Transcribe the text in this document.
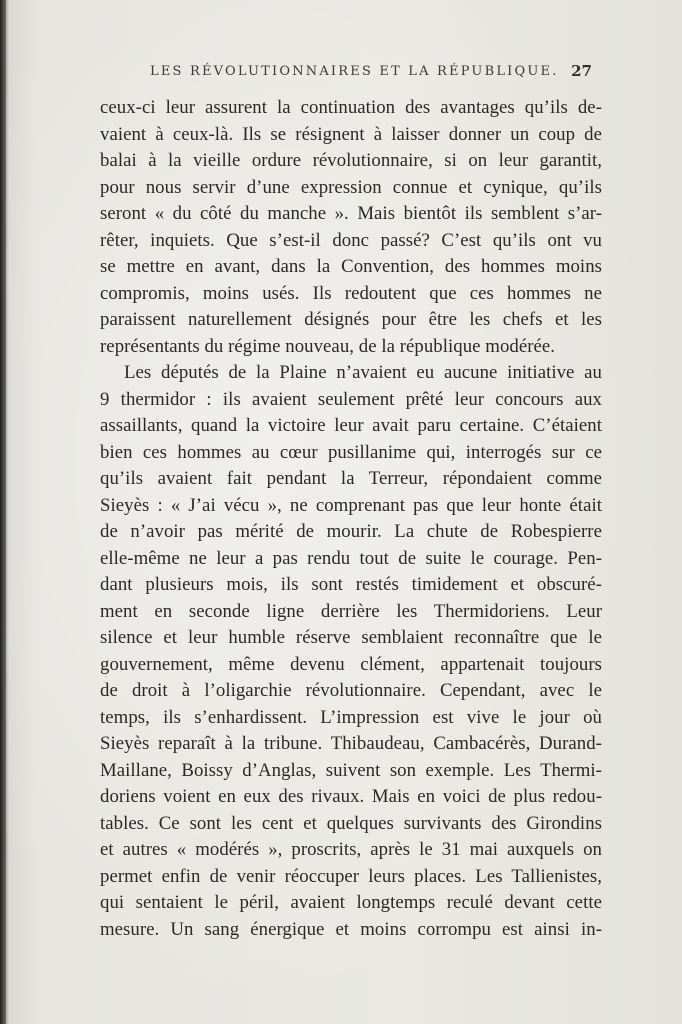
LES RÉVOLUTIONNAIRES ET LA RÉPUBLIQUE. 27
ceux-ci leur assurent la continuation des avantages qu’ils de-
vaient à ceux-là. Ils se résignent à laisser donner un coup de
balai à la vieille ordure révolutionnaire, si on leur garantit,
pour nous servir d’une expression connue et cynique, qu’ils
seront « du côté du manche ». Mais bientôt ils semblent s’ar-
rêter, inquiets. Que s’est-il donc passé? C’est qu’ils ont vu
se mettre en avant, dans la Convention, des hommes moins
compromis, moins usés. Ils redoutent que ces hommes ne
paraissent naturellement désignés pour être les chefs et les
représentants du régime nouveau, de la république modérée.
Les députés de la Plaine n’avaient eu aucune initiative au
9 thermidor : ils avaient seulement prêté leur concours aux
assaillants, quand la victoire leur avait paru certaine. C’étaient
bien ces hommes au cœur pusillanime qui, interrogés sur ce
qu’ils avaient fait pendant la Terreur, répondaient comme
Sieyès : « J’ai vécu », ne comprenant pas que leur honte était
de n’avoir pas mérité de mourir. La chute de Robespierre
elle-même ne leur a pas rendu tout de suite le courage. Pen-
dant plusieurs mois, ils sont restés timidement et obscuré-
ment en seconde ligne derrière les Thermidoriens. Leur
silence et leur humble réserve semblaient reconnaître que le
gouvernement, même devenu clément, appartenait toujours
de droit à l’oligarchie révolutionnaire. Cependant, avec le
temps, ils s’enhardissent. L’impression est vive le jour où
Sieyès reparaît à la tribune. Thibaudeau, Cambacérès, Durand-
Maillane, Boissy d’Anglas, suivent son exemple. Les Thermi-
doriens voient en eux des rivaux. Mais en voici de plus redou-
tables. Ce sont les cent et quelques survivants des Girondins
et autres « modérés », proscrits, après le 31 mai auxquels on
permet enfin de venir réoccuper leurs places. Les Tallienistes,
qui sentaient le péril, avaient longtemps reculé devant cette
mesure. Un sang énergique et moins corrompu est ainsi in-
